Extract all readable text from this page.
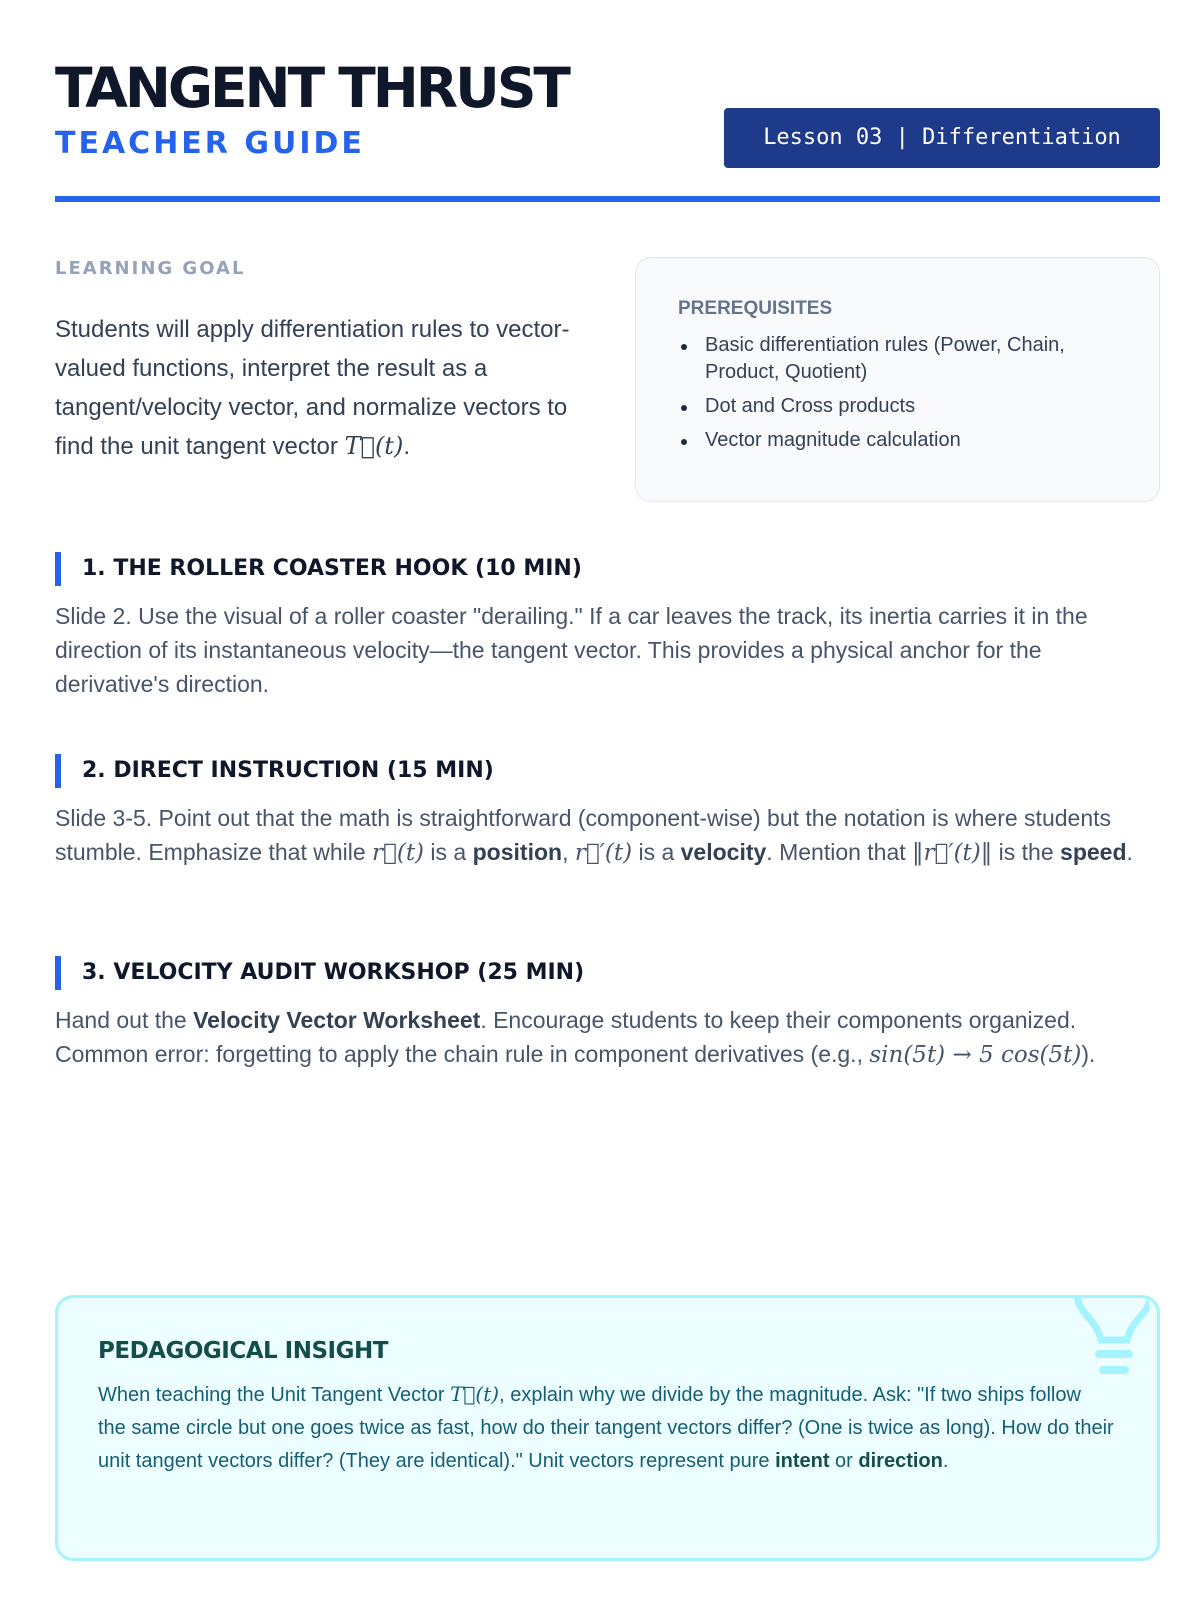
TANGENT THRUST
TEACHER GUIDE	Lesson 03 | Differentiation
LEARNING GOAL
Students will apply differentiation rules to vector-valued functions, interpret the result as a tangent/velocity vector, and normalize vectors to find the unit tangent vector T⃗(t).
PREREQUISITES
Basic differentiation rules (Power, Chain, Product, Quotient)
Dot and Cross products
Vector magnitude calculation
1. THE ROLLER COASTER HOOK (10 MIN)
Slide 2. Use the visual of a roller coaster "derailing." If a car leaves the track, its inertia carries it in the direction of its instantaneous velocity—the tangent vector. This provides a physical anchor for the derivative's direction.
2. DIRECT INSTRUCTION (15 MIN)
Slide 3-5. Point out that the math is straightforward (component-wise) but the notation is where students stumble. Emphasize that while r⃗(t) is a position, r⃗′(t) is a velocity. Mention that ‖r⃗′(t)‖ is the speed.
3. VELOCITY AUDIT WORKSHOP (25 MIN)
Hand out the Velocity Vector Worksheet. Encourage students to keep their components organized. Common error: forgetting to apply the chain rule in component derivatives (e.g., sin(5t) → 5 cos(5t)).
PEDAGOGICAL INSIGHT
When teaching the Unit Tangent Vector T⃗(t), explain why we divide by the magnitude. Ask: "If two ships follow the same circle but one goes twice as fast, how do their tangent vectors differ? (One is twice as long). How do their unit tangent vectors differ? (They are identical)." Unit vectors represent pure intent or direction.
